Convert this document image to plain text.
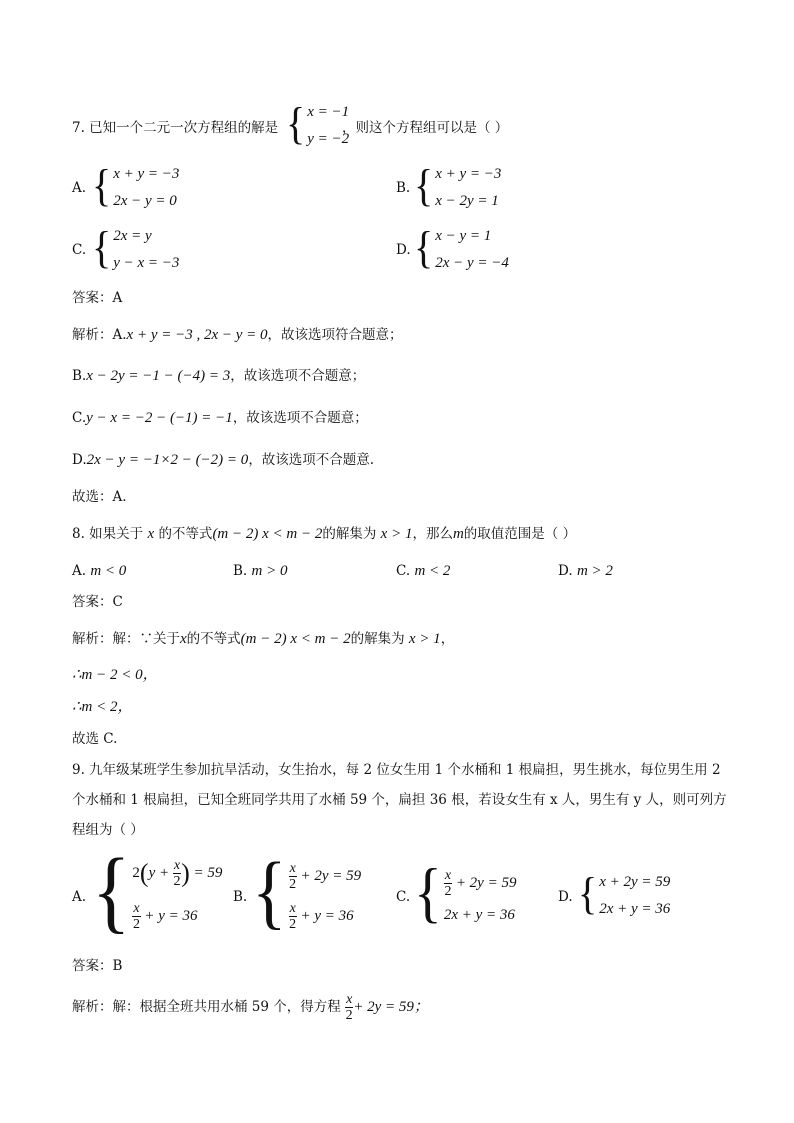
7. 已知一个二元一次方程组的解是 { x = −1
y = −2
，则这个方程组可以是（ ）
A. { x + y = −3
2x − y = 0
B. { x + y = −3
x − 2y = 1
C. { 2x = y
y − x = −3
D. { x − y = 1
2x − y = −4
答案：A
解析：A.x + y = −3 , 2x − y = 0，故该选项符合题意；
B.x − 2y = −1 − (−4) = 3，故该选项不合题意；
C.y − x = −2 − (−1) = −1，故该选项不合题意；
D.2x − y = −1×2 − (−2) = 0，故该选项不合题意.
故选：A.
8. 如果关于 x 的不等式(m − 2) x < m − 2的解集为 x > 1，那么m的取值范围是（ ）
A. m < 0	B. m > 0	C. m < 2	D. m > 2
答案：C
解析：解：∵关于x的不等式(m − 2) x < m − 2的解集为 x > 1，
∴m − 2 < 0，
∴m < 2，
故选 C.
9. 九年级某班学生参加抗旱活动，女生抬水，每 2 位女生用 1 个水桶和 1 根扁担，男生挑水，每位男生用 2
个水桶和 1 根扁担，已知全班同学共用了水桶 59 个，扁担 36 根，若设女生有 x 人，男生有 y 人，则可列方
程组为（ ）
A. { $2(y + \frac{x}{2}$ ) = 59
$\frac{x}{2} + y = 36$
B. { $\frac{x}{2} + 2y = 59$
$\frac{x}{2} + y = 36$
C. { $\frac{x}{2} + 2y = 59$
2x + y = 36
D. { x + 2y = 59
2x + y = 36
答案：B
解析：解：根据全班共用水桶 59 个，得方程 $\frac{x}{2} + 2y = 59$；
